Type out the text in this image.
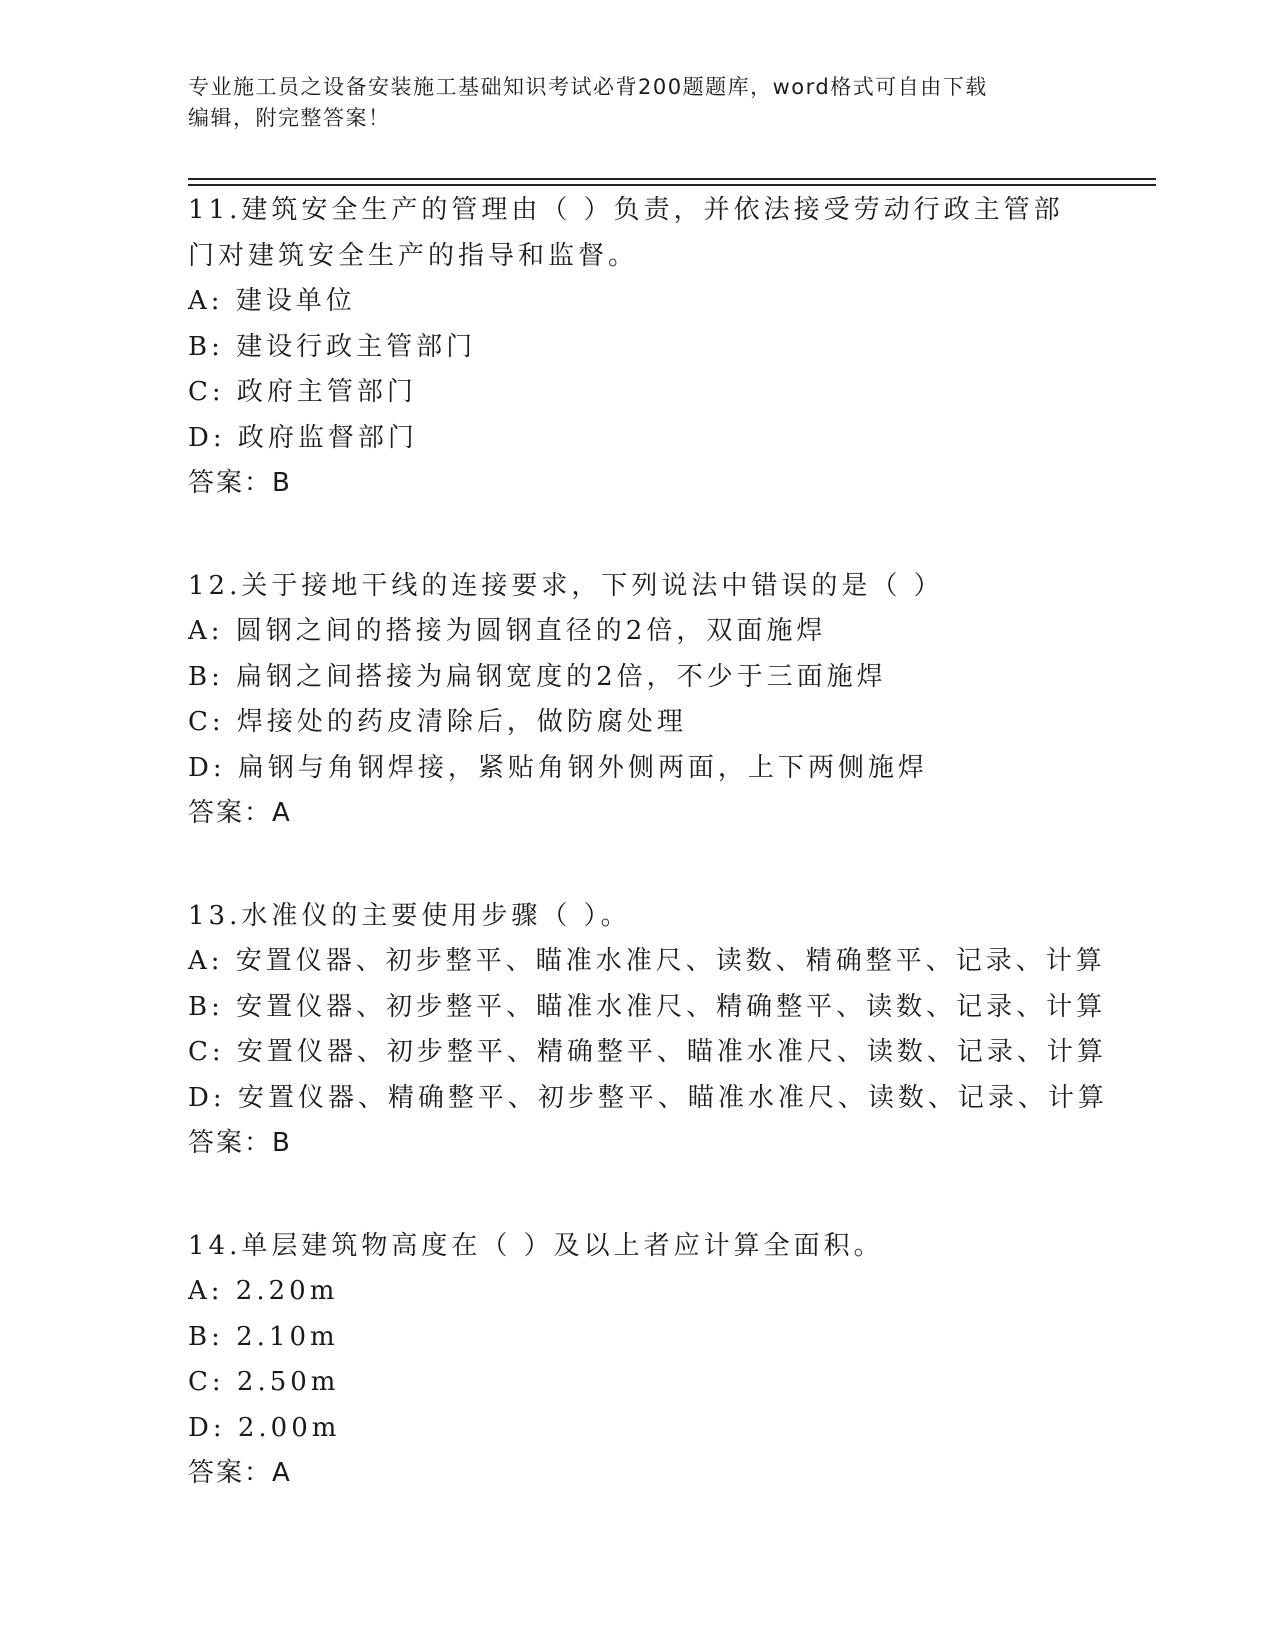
专业施工员之设备安装施工基础知识考试必背200题题库，word格式可自由下载
编辑，附完整答案！
11.建筑安全生产的管理由（ ）负责，并依法接受劳动行政主管部门对建筑安全生产的指导和监督。
A: 建设单位
B: 建设行政主管部门
C: 政府主管部门
D: 政府监督部门
答案：B
12.关于接地干线的连接要求，下列说法中错误的是（ ）
A: 圆钢之间的搭接为圆钢直径的2倍，双面施焊
B: 扁钢之间搭接为扁钢宽度的2倍，不少于三面施焊
C: 焊接处的药皮清除后，做防腐处理
D: 扁钢与角钢焊接，紧贴角钢外侧两面，上下两侧施焊
答案：A
13.水准仪的主要使用步骤（ ）。
A: 安置仪器、初步整平、瞄准水准尺、读数、精确整平、记录、计算
B: 安置仪器、初步整平、瞄准水准尺、精确整平、读数、记录、计算
C: 安置仪器、初步整平、精确整平、瞄准水准尺、读数、记录、计算
D: 安置仪器、精确整平、初步整平、瞄准水准尺、读数、记录、计算
答案：B
14.单层建筑物高度在（ ）及以上者应计算全面积。
A: 2.20m
B: 2.10m
C: 2.50m
D: 2.00m
答案：A
